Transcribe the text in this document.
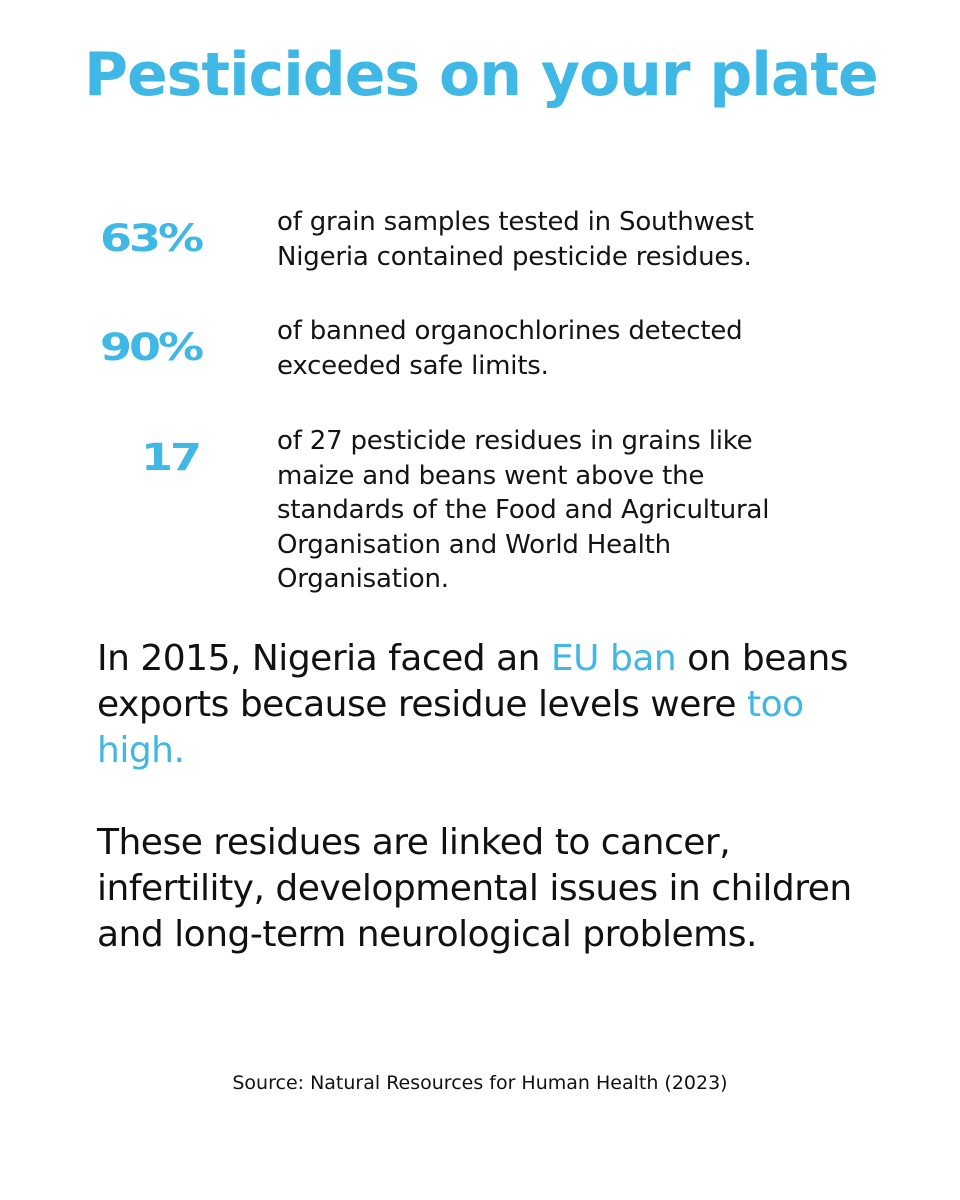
Pesticides on your plate
63%	of grain samples tested in Southwest Nigeria contained pesticide residues.
90%	of banned organochlorines detected exceeded safe limits.
17	of 27 pesticide residues in grains like maize and beans went above the standards of the Food and Agricultural Organisation and World Health Organisation.

In 2015, Nigeria faced an EU ban on beans exports because residue levels were too high.

These residues are linked to cancer, infertility, developmental issues in children and long-term neurological problems.

Source: Natural Resources for Human Health (2023)
